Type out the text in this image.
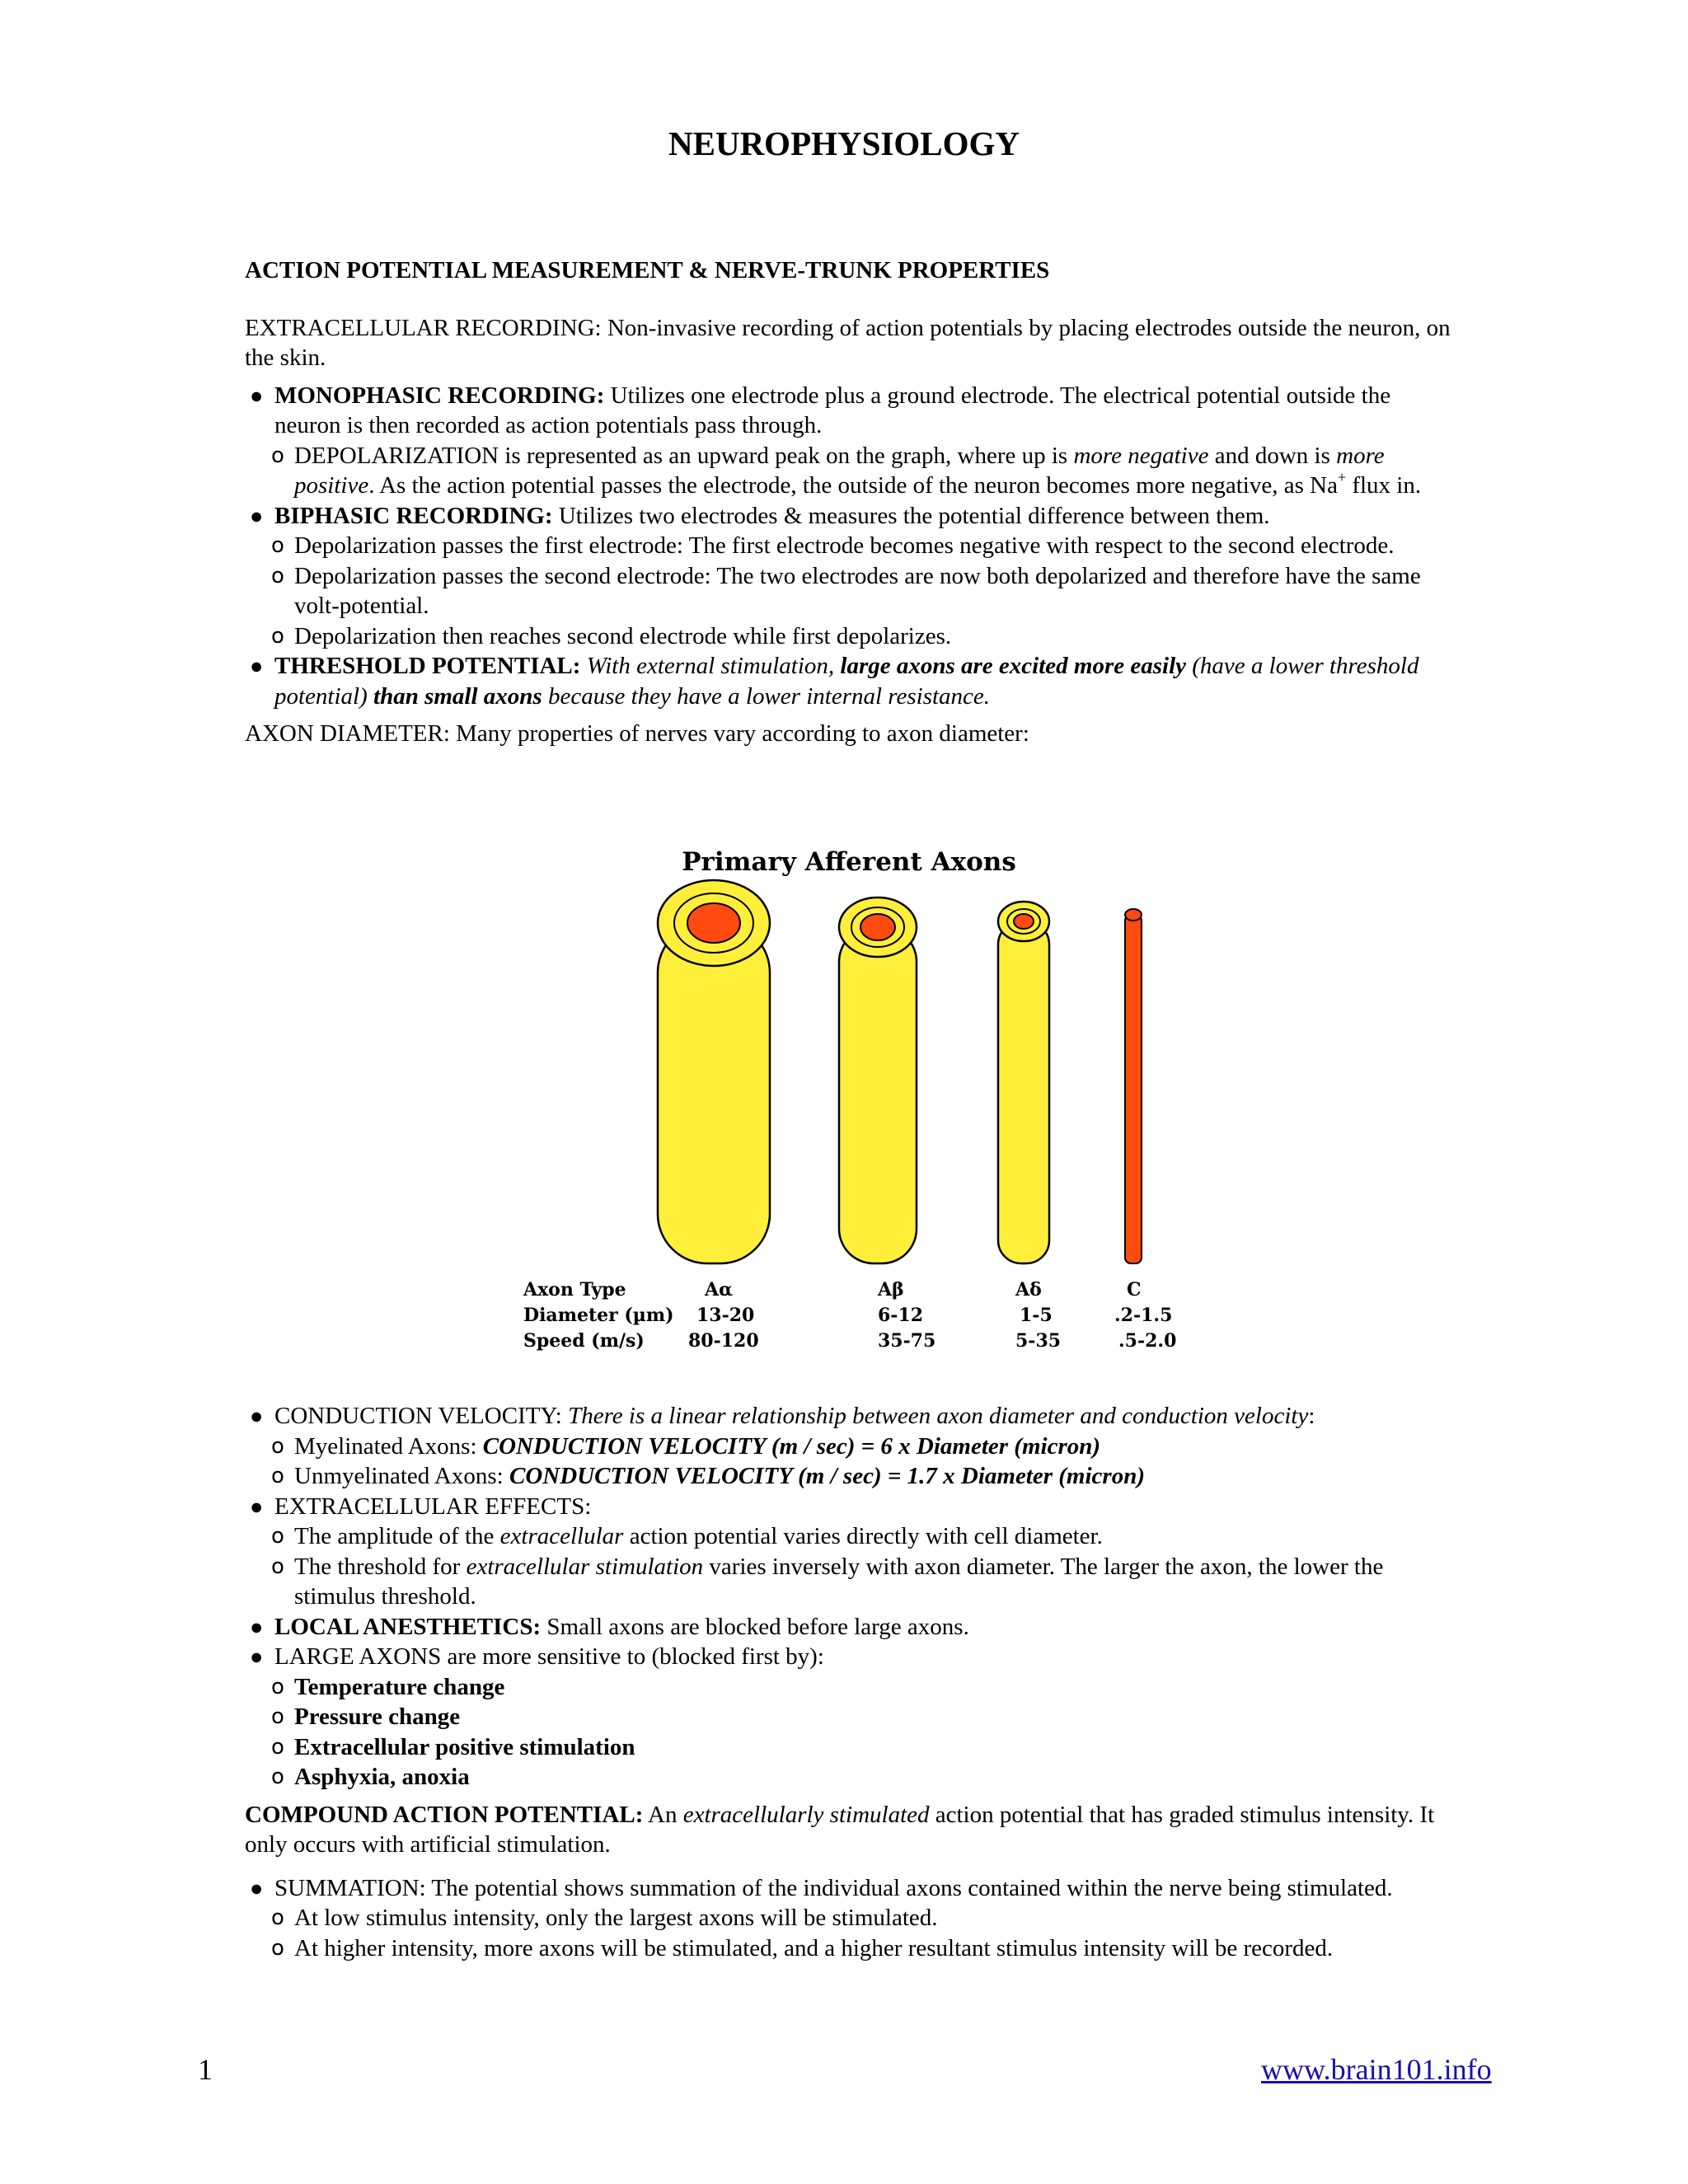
NEUROPHYSIOLOGY

ACTION POTENTIAL MEASUREMENT & NERVE-TRUNK PROPERTIES

EXTRACELLULAR RECORDING: Non-invasive recording of action potentials by placing electrodes outside the neuron, on the skin.

● MONOPHASIC RECORDING: Utilizes one electrode plus a ground electrode. The electrical potential outside the neuron is then recorded as action potentials pass through.
o DEPOLARIZATION is represented as an upward peak on the graph, where up is more negative and down is more positive. As the action potential passes the electrode, the outside of the neuron becomes more negative, as Na+ flux in.
● BIPHASIC RECORDING: Utilizes two electrodes & measures the potential difference between them.
o Depolarization passes the first electrode: The first electrode becomes negative with respect to the second electrode.
o Depolarization passes the second electrode: The two electrodes are now both depolarized and therefore have the same volt-potential.
o Depolarization then reaches second electrode while first depolarizes.
● THRESHOLD POTENTIAL: With external stimulation, large axons are excited more easily (have a lower threshold potential) than small axons because they have a lower internal resistance.

AXON DIAMETER: Many properties of nerves vary according to axon diameter:

Primary Afferent Axons
Axon Type	Aα	Aβ	Aδ	C
Diameter (µm) 13-20	6-12	1-5	.2-1.5
Speed (m/s) 80-120	35-75	5-35	.5-2.0
● CONDUCTION VELOCITY: There is a linear relationship between axon diameter and conduction velocity:
o Myelinated Axons: CONDUCTION VELOCITY (m / sec) = 6 x Diameter (micron)
o Unmyelinated Axons: CONDUCTION VELOCITY (m / sec) = 1.7 x Diameter (micron)
● EXTRACELLULAR EFFECTS:
o The amplitude of the extracellular action potential varies directly with cell diameter.
o The threshold for extracellular stimulation varies inversely with axon diameter. The larger the axon, the lower the stimulus threshold.
● LOCAL ANESTHETICS: Small axons are blocked before large axons.
● LARGE AXONS are more sensitive to (blocked first by):
o Temperature change
o Pressure change
o Extracellular positive stimulation
o Asphyxia, anoxia

COMPOUND ACTION POTENTIAL: An extracellularly stimulated action potential that has graded stimulus intensity. It only occurs with artificial stimulation.

● SUMMATION: The potential shows summation of the individual axons contained within the nerve being stimulated.
o At low stimulus intensity, only the largest axons will be stimulated.
o At higher intensity, more axons will be stimulated, and a higher resultant stimulus intensity will be recorded.
1	www.brain101.info
